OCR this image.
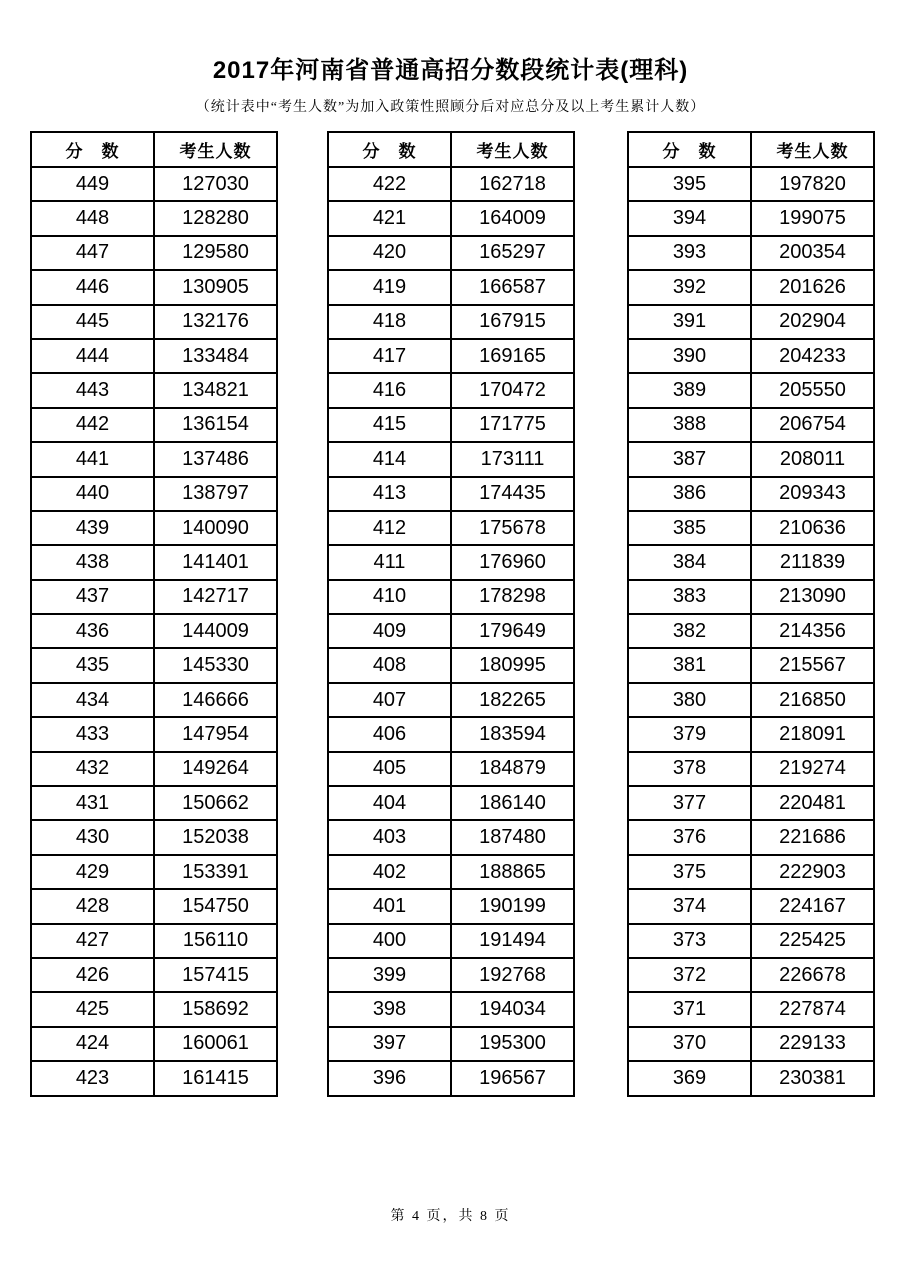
2017年河南省普通高招分数段统计表(理科)
（统计表中“考生人数”为加入政策性照顾分后对应总分及以上考生累计人数）
分　数	考生人数
449	127030
448	128280
447	129580
446	130905
445	132176
444	133484
443	134821
442	136154
441	137486
440	138797
439	140090
438	141401
437	142717
436	144009
435	145330
434	146666
433	147954
432	149264
431	150662
430	152038
429	153391
428	154750
427	156110
426	157415
425	158692
424	160061
423	161415
分　数	考生人数
422	162718
421	164009
420	165297
419	166587
418	167915
417	169165
416	170472
415	171775
414	173111
413	174435
412	175678
411	176960
410	178298
409	179649
408	180995
407	182265
406	183594
405	184879
404	186140
403	187480
402	188865
401	190199
400	191494
399	192768
398	194034
397	195300
396	196567
分　数	考生人数
395	197820
394	199075
393	200354
392	201626
391	202904
390	204233
389	205550
388	206754
387	208011
386	209343
385	210636
384	211839
383	213090
382	214356
381	215567
380	216850
379	218091
378	219274
377	220481
376	221686
375	222903
374	224167
373	225425
372	226678
371	227874
370	229133
369	230381
第 4 页，共 8 页
